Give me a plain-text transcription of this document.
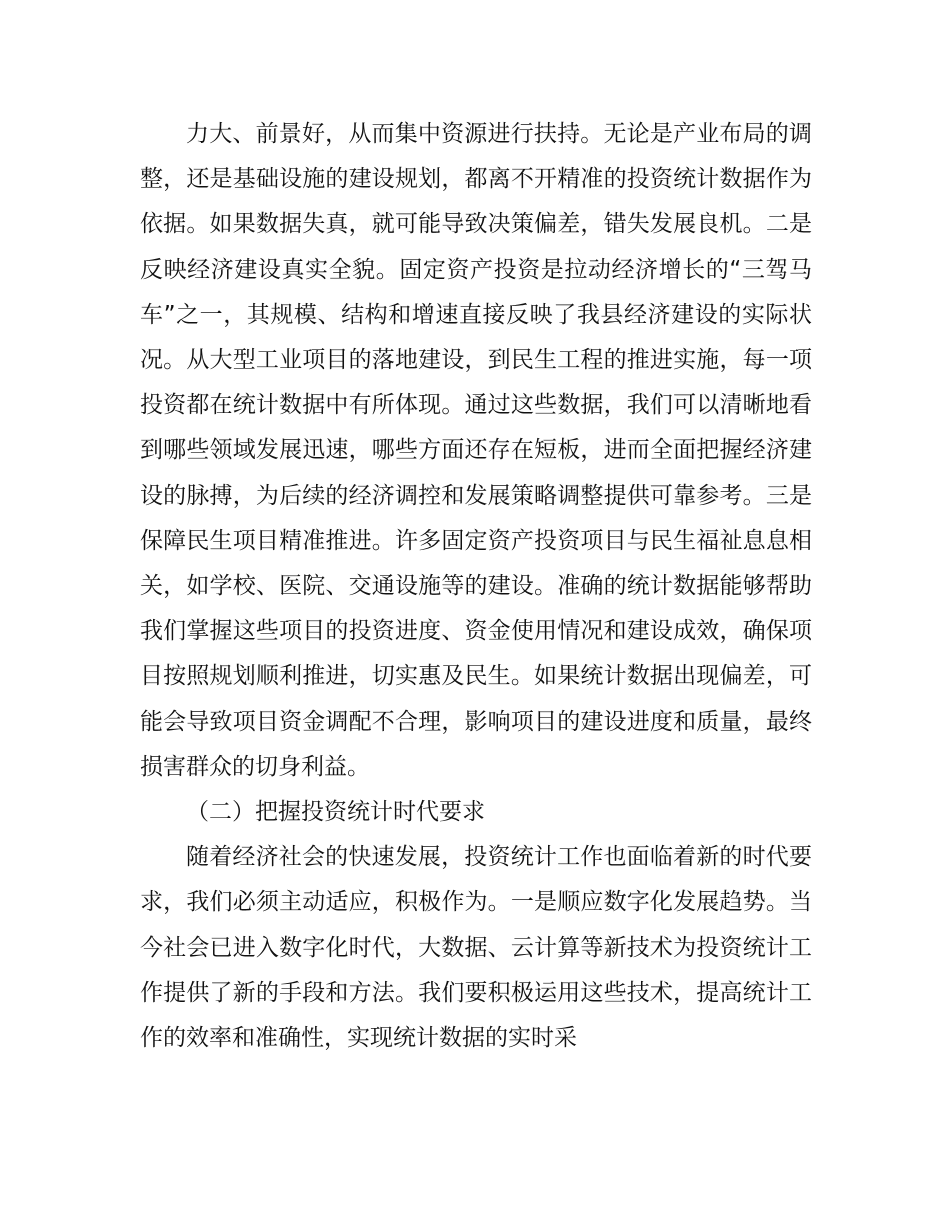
力大、前景好，从而集中资源进行扶持。无论是产业布局的调整，还是基础设施的建设规划，都离不开精准的投资统计数据作为依据。如果数据失真，就可能导致决策偏差，错失发展良机。二是反映经济建设真实全貌。固定资产投资是拉动经济增长的“三驾马车”之一，其规模、结构和增速直接反映了我县经济建设的实际状况。从大型工业项目的落地建设，到民生工程的推进实施，每一项投资都在统计数据中有所体现。通过这些数据，我们可以清晰地看到哪些领域发展迅速，哪些方面还存在短板，进而全面把握经济建设的脉搏，为后续的经济调控和发展策略调整提供可靠参考。三是保障民生项目精准推进。许多固定资产投资项目与民生福祉息息相关，如学校、医院、交通设施等的建设。准确的统计数据能够帮助我们掌握这些项目的投资进度、资金使用情况和建设成效，确保项目按照规划顺利推进，切实惠及民生。如果统计数据出现偏差，可能会导致项目资金调配不合理，影响项目的建设进度和质量，最终损害群众的切身利益。

（二）把握投资统计时代要求

随着经济社会的快速发展，投资统计工作也面临着新的时代要求，我们必须主动适应，积极作为。一是顺应数字化发展趋势。当今社会已进入数字化时代，大数据、云计算等新技术为投资统计工作提供了新的手段和方法。我们要积极运用这些技术，提高统计工作的效率和准确性，实现统计数据的实时采
